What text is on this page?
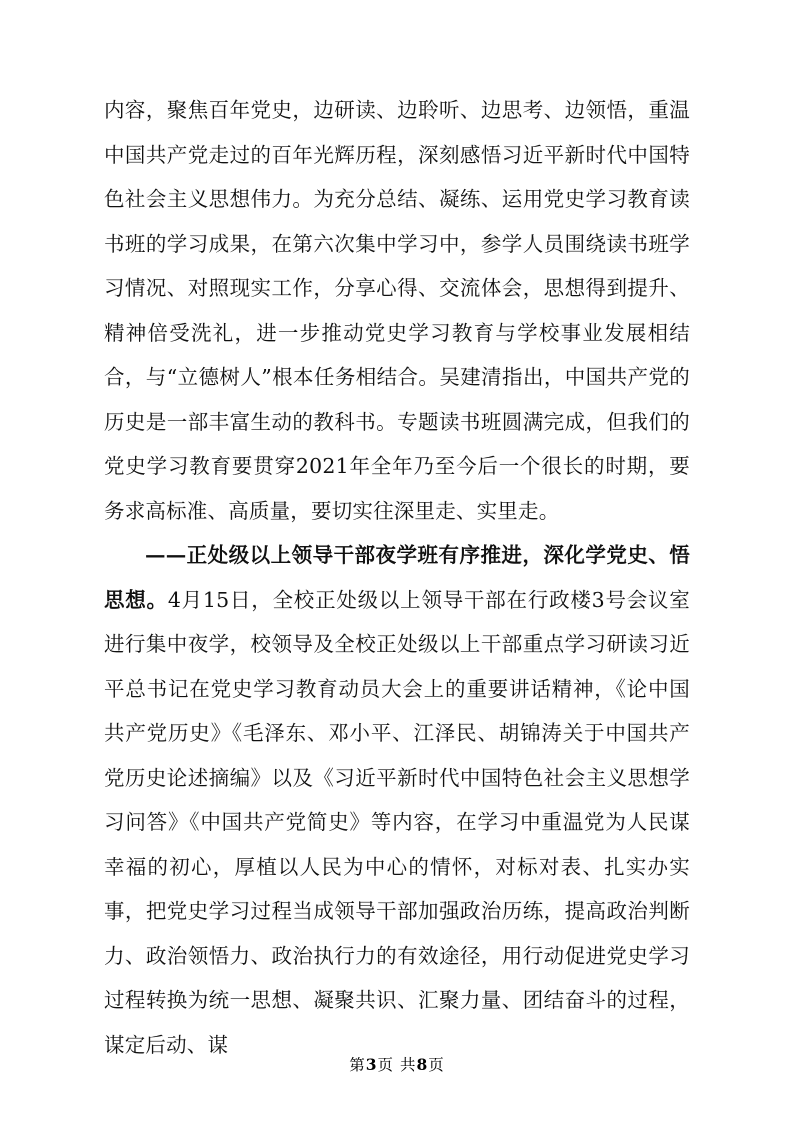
内容，聚焦百年党史，边研读、边聆听、边思考、边领悟，重温中国共产党走过的百年光辉历程，深刻感悟习近平新时代中国特色社会主义思想伟力。为充分总结、凝练、运用党史学习教育读书班的学习成果，在第六次集中学习中，参学人员围绕读书班学习情况、对照现实工作，分享心得、交流体会，思想得到提升、精神倍受洗礼，进一步推动党史学习教育与学校事业发展相结合，与“立德树人”根本任务相结合。吴建清指出，中国共产党的历史是一部丰富生动的教科书。专题读书班圆满完成，但我们的党史学习教育要贯穿2021年全年乃至今后一个很长的时期，要务求高标准、高质量，要切实往深里走、实里走。

——正处级以上领导干部夜学班有序推进，深化学党史、悟思想。4月15日，全校正处级以上领导干部在行政楼3号会议室进行集中夜学，校领导及全校正处级以上干部重点学习研读习近平总书记在党史学习教育动员大会上的重要讲话精神，《论中国共产党历史》《毛泽东、邓小平、江泽民、胡锦涛关于中国共产党历史论述摘编》以及《习近平新时代中国特色社会主义思想学习问答》《中国共产党简史》等内容，在学习中重温党为人民谋幸福的初心，厚植以人民为中心的情怀，对标对表、扎实办实事，把党史学习过程当成领导干部加强政治历练，提高政治判断力、政治领悟力、政治执行力的有效途径，用行动促进党史学习过程转换为统一思想、凝聚共识、汇聚力量、团结奋斗的过程，谋定后动、谋

第3页 共8页
